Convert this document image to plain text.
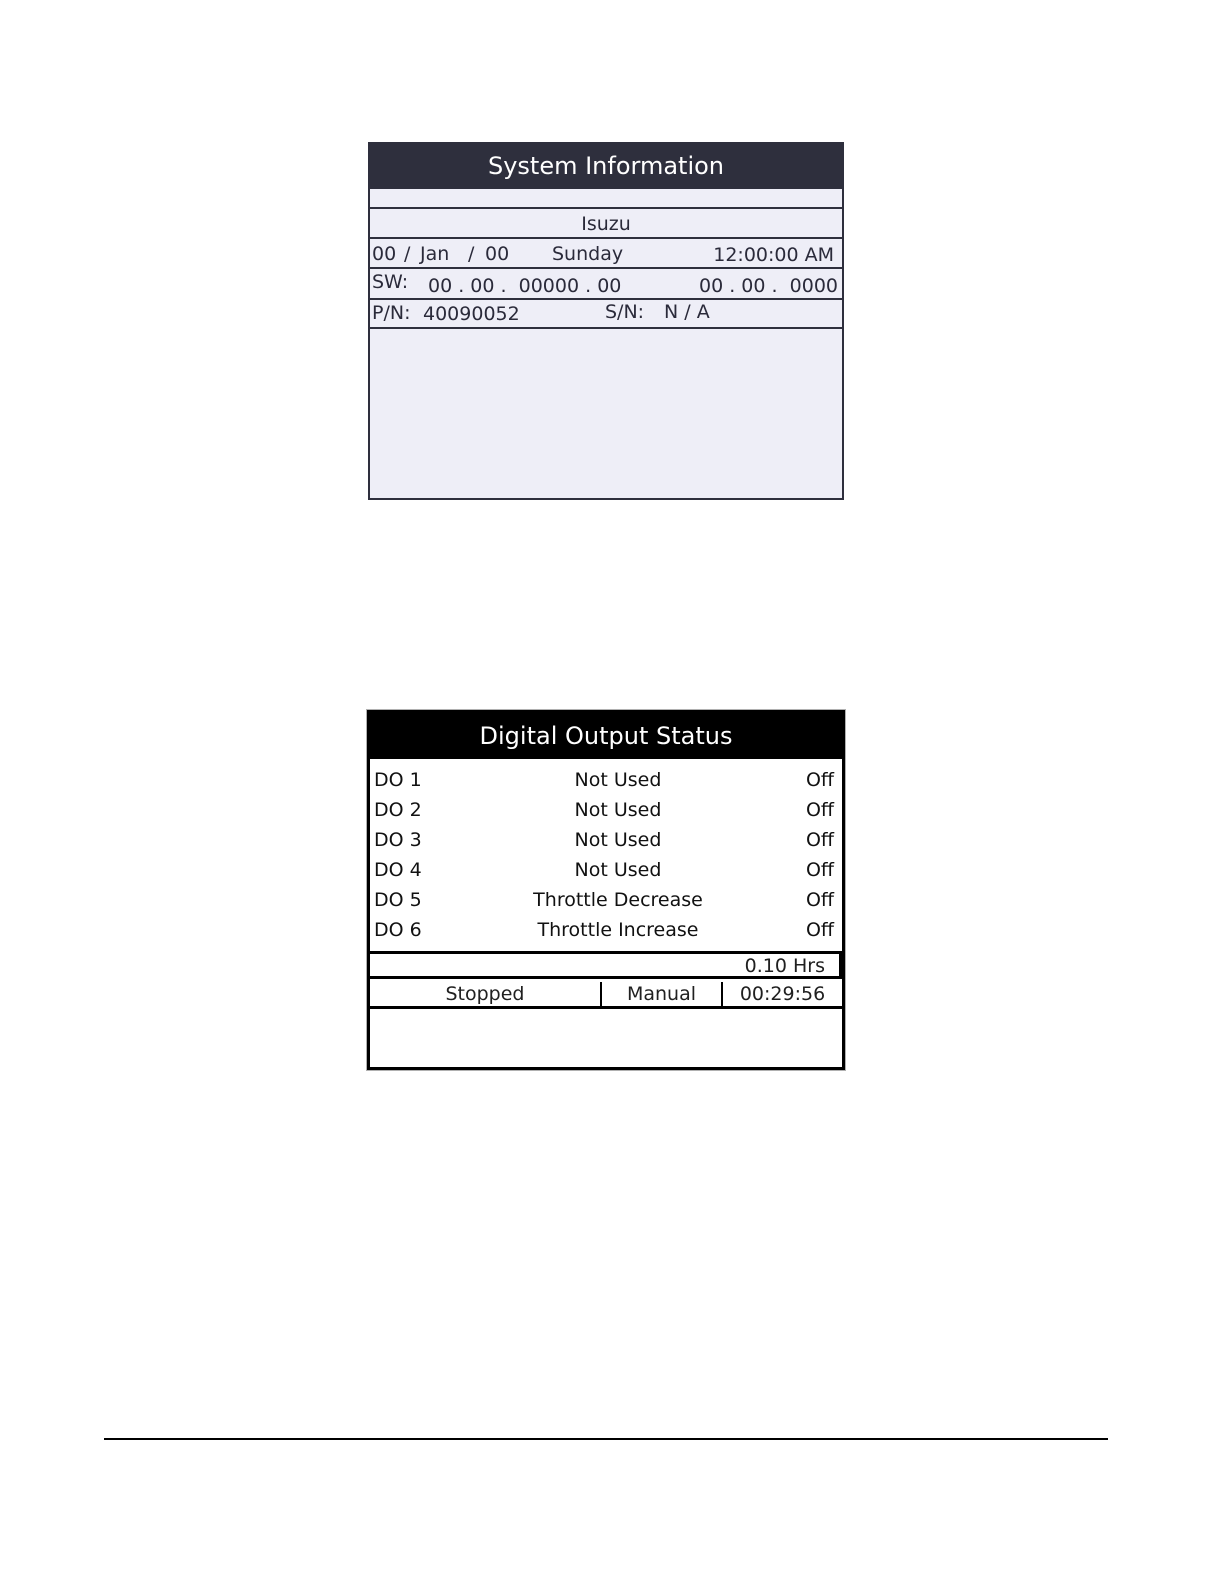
System Information
Isuzu
00 / Jan / 00 Sunday	12:00:00 AM
SW: 00 . 00 .  00000 . 00	00 . 00 .  0000
P/N: 40090052	S/N: N / A
Digital Output Status
DO 1	Not Used	Off
DO 2	Not Used	Off
DO 3	Not Used	Off
DO 4	Not Used	Off
DO 5	Throttle Decrease	Off
DO 6	Throttle Increase	Off
0.10 Hrs
Stopped	Manual	00:29:56
